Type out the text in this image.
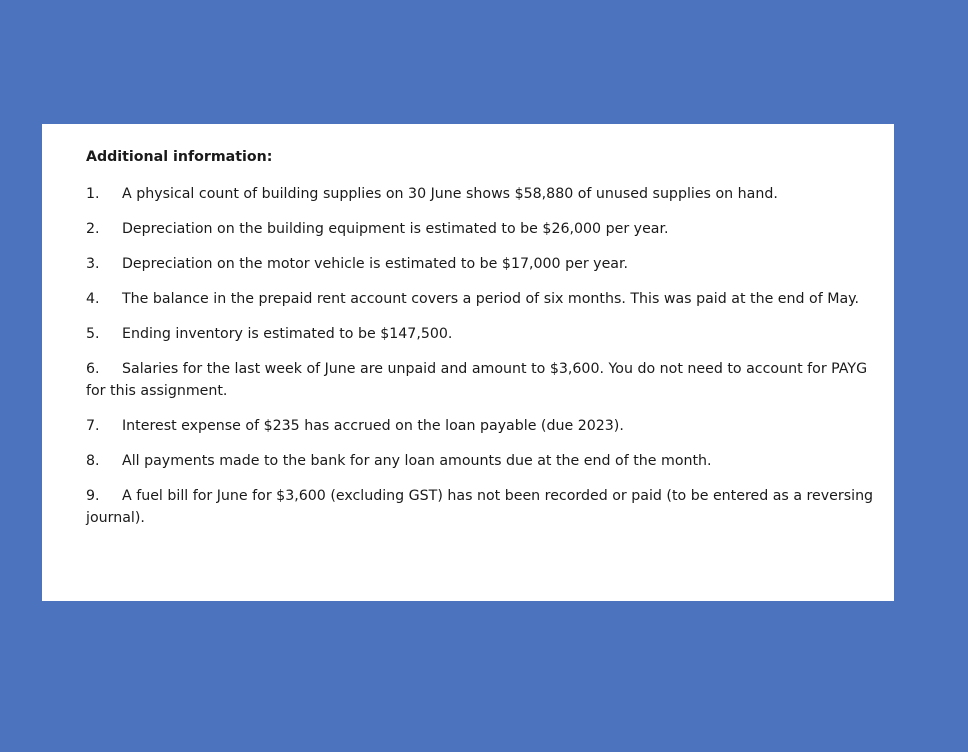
Additional information:
1. A physical count of building supplies on 30 June shows $58,880 of unused supplies on hand.
2. Depreciation on the building equipment is estimated to be $26,000 per year.
3. Depreciation on the motor vehicle is estimated to be $17,000 per year.
4. The balance in the prepaid rent account covers a period of six months. This was paid at the end of May.
5. Ending inventory is estimated to be $147,500.
6. Salaries for the last week of June are unpaid and amount to $3,600. You do not need to account for PAYG for this assignment.
7. Interest expense of $235 has accrued on the loan payable (due 2023).
8. All payments made to the bank for any loan amounts due at the end of the month.
9. A fuel bill for June for $3,600 (excluding GST) has not been recorded or paid (to be entered as a reversing journal).
